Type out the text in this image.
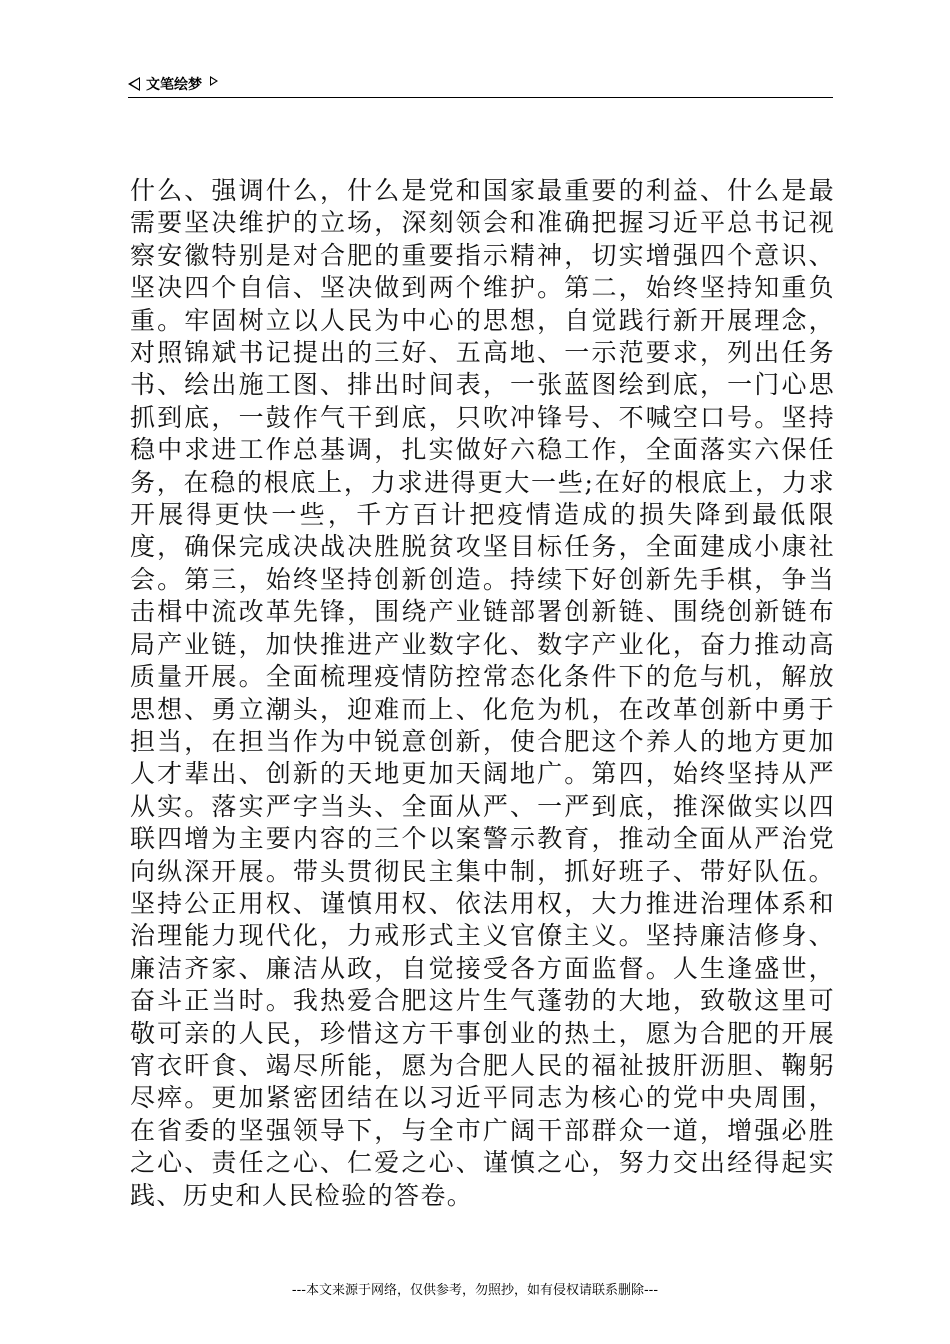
文笔绘梦
什么、强调什么，什么是党和国家最重要的利益、什么是最需要坚决维护的立场，深刻领会和准确把握习近平总书记视察安徽特别是对合肥的重要指示精神，切实增强四个意识、坚决四个自信、坚决做到两个维护。第二，始终坚持知重负重。牢固树立以人民为中心的思想，自觉践行新开展理念，对照锦斌书记提出的三好、五高地、一示范要求，列出任务书、绘出施工图、排出时间表，一张蓝图绘到底，一门心思抓到底，一鼓作气干到底，只吹冲锋号、不喊空口号。坚持稳中求进工作总基调，扎实做好六稳工作，全面落实六保任务，在稳的根底上，力求进得更大一些;在好的根底上，力求开展得更快一些，千方百计把疫情造成的损失降到最低限度，确保完成决战决胜脱贫攻坚目标任务，全面建成小康社会。第三，始终坚持创新创造。持续下好创新先手棋，争当击楫中流改革先锋，围绕产业链部署创新链、围绕创新链布局产业链，加快推进产业数字化、数字产业化，奋力推动高质量开展。全面梳理疫情防控常态化条件下的危与机，解放思想、勇立潮头，迎难而上、化危为机，在改革创新中勇于担当，在担当作为中锐意创新，使合肥这个养人的地方更加人才辈出、创新的天地更加天阔地广。第四，始终坚持从严从实。落实严字当头、全面从严、一严到底，推深做实以四联四增为主要内容的三个以案警示教育，推动全面从严治党向纵深开展。带头贯彻民主集中制，抓好班子、带好队伍。坚持公正用权、谨慎用权、依法用权，大力推进治理体系和治理能力现代化，力戒形式主义官僚主义。坚持廉洁修身、廉洁齐家、廉洁从政，自觉接受各方面监督。人生逢盛世，奋斗正当时。我热爱合肥这片生气蓬勃的大地，致敬这里可敬可亲的人民，珍惜这方干事创业的热土，愿为合肥的开展宵衣旰食、竭尽所能，愿为合肥人民的福祉披肝沥胆、鞠躬尽瘁。更加紧密团结在以习近平同志为核心的党中央周围，在省委的坚强领导下，与全市广阔干部群众一道，增强必胜之心、责任之心、仁爱之心、谨慎之心，努力交出经得起实践、历史和人民检验的答卷。
---本文来源于网络，仅供参考，勿照抄，如有侵权请联系删除---
